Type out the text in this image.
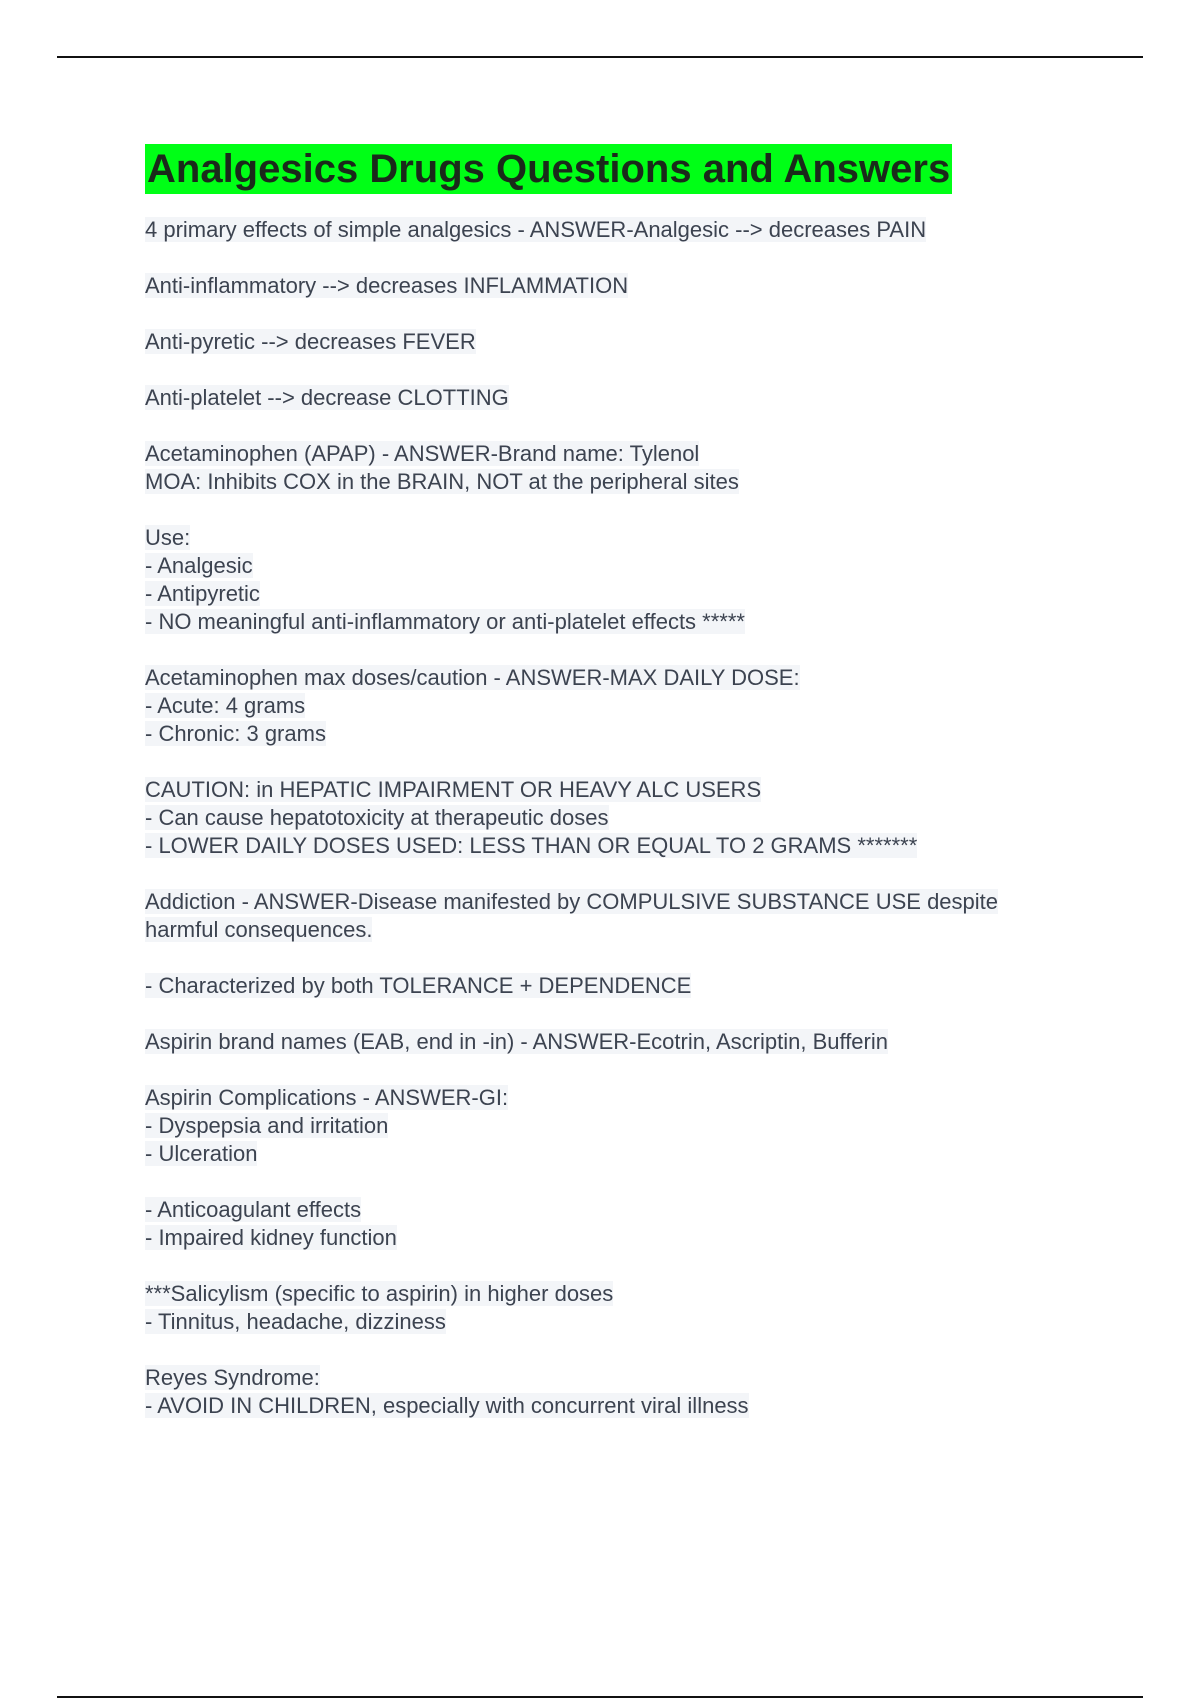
Analgesics Drugs Questions and Answers
4 primary effects of simple analgesics - ANSWER-Analgesic --> decreases PAIN
Anti-inflammatory --> decreases INFLAMMATION
Anti-pyretic --> decreases FEVER
Anti-platelet --> decrease CLOTTING
Acetaminophen (APAP) - ANSWER-Brand name: Tylenol
MOA: Inhibits COX in the BRAIN, NOT at the peripheral sites
Use:
- Analgesic
- Antipyretic
- NO meaningful anti-inflammatory or anti-platelet effects *****
Acetaminophen max doses/caution - ANSWER-MAX DAILY DOSE:
- Acute: 4 grams
- Chronic: 3 grams
CAUTION: in HEPATIC IMPAIRMENT OR HEAVY ALC USERS
- Can cause hepatotoxicity at therapeutic doses
- LOWER DAILY DOSES USED: LESS THAN OR EQUAL TO 2 GRAMS *******
Addiction - ANSWER-Disease manifested by COMPULSIVE SUBSTANCE USE despite
harmful consequences.
- Characterized by both TOLERANCE + DEPENDENCE
Aspirin brand names (EAB, end in -in) - ANSWER-Ecotrin, Ascriptin, Bufferin
Aspirin Complications - ANSWER-GI:
- Dyspepsia and irritation
- Ulceration
- Anticoagulant effects
- Impaired kidney function
***Salicylism (specific to aspirin) in higher doses
- Tinnitus, headache, dizziness
Reyes Syndrome:
- AVOID IN CHILDREN, especially with concurrent viral illness
